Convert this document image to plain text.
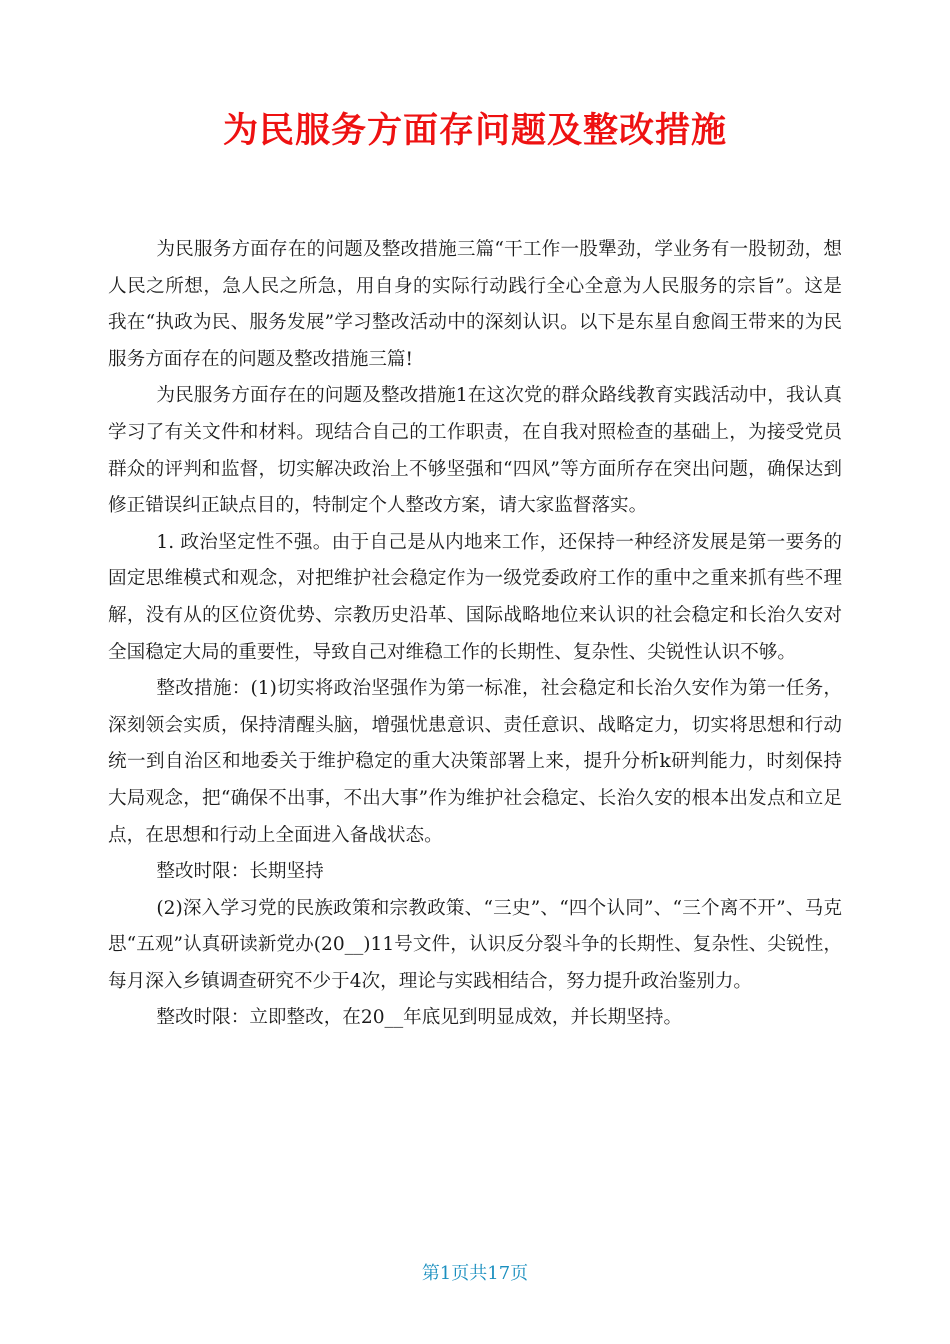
为民服务方面存问题及整改措施

为民服务方面存在的问题及整改措施三篇“干工作一股犟劲，学业务有一股韧劲，想人民之所想，急人民之所急，用自身的实际行动践行全心全意为人民服务的宗旨”。这是我在“执政为民、服务发展”学习整改活动中的深刻认识。以下是东星自愈阎王带来的为民服务方面存在的问题及整改措施三篇!

为民服务方面存在的问题及整改措施1在这次党的群众路线教育实践活动中，我认真学习了有关文件和材料。现结合自己的工作职责，在自我对照检查的基础上，为接受党员群众的评判和监督，切实解决政治上不够坚强和“四风”等方面所存在突出问题，确保达到修正错误纠正缺点目的，特制定个人整改方案，请大家监督落实。

1. 政治坚定性不强。由于自己是从内地来工作，还保持一种经济发展是第一要务的固定思维模式和观念，对把维护社会稳定作为一级党委政府工作的重中之重来抓有些不理解，没有从的区位资优势、宗教历史沿革、国际战略地位来认识的社会稳定和长治久安对全国稳定大局的重要性，导致自己对维稳工作的长期性、复杂性、尖锐性认识不够。

整改措施：(1)切实将政治坚强作为第一标准，社会稳定和长治久安作为第一任务，深刻领会实质，保持清醒头脑，增强忧患意识、责任意识、战略定力，切实将思想和行动统一到自治区和地委关于维护稳定的重大决策部署上来，提升分析k研判能力，时刻保持大局观念，把“确保不出事，不出大事”作为维护社会稳定、长治久安的根本出发点和立足点，在思想和行动上全面进入备战状态。

整改时限：长期坚持

(2)深入学习党的民族政策和宗教政策、“三史”、“四个认同”、“三个离不开”、马克思“五观”认真研读新党办(20__)11号文件，认识反分裂斗争的长期性、复杂性、尖锐性，每月深入乡镇调查研究不少于4次，理论与实践相结合，努力提升政治鉴别力。

整改时限：立即整改，在20__年底见到明显成效，并长期坚持。

第1页共17页
